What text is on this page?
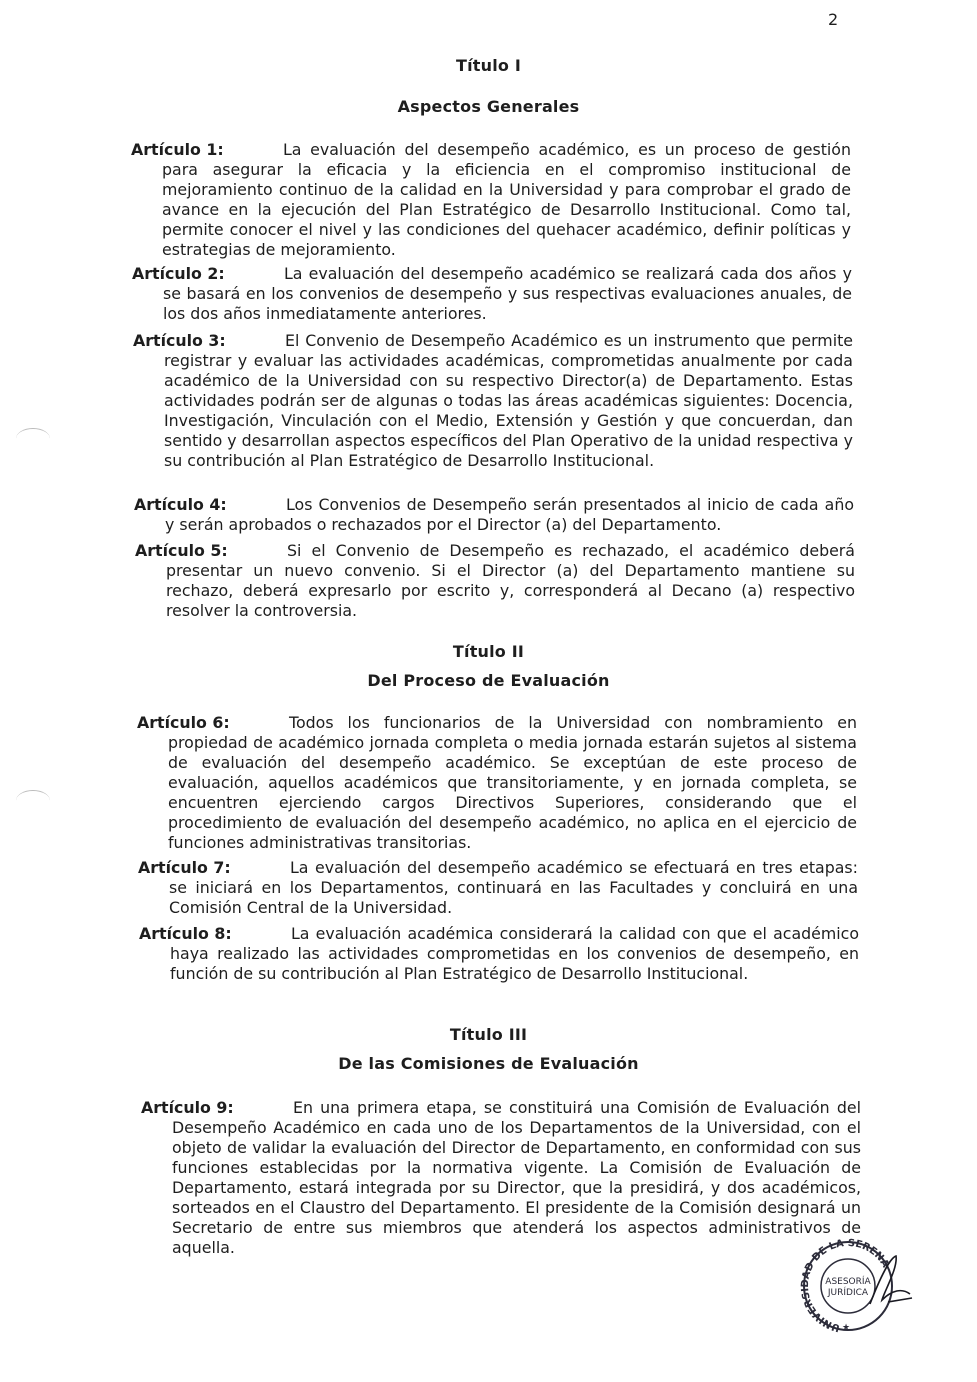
2
Título I
Aspectos Generales

Artículo 1:	La evaluación del desempeño académico, es un proceso de gestión para asegurar la eficacia y la eficiencia en el compromiso institucional de mejoramiento continuo de la calidad en la Universidad y para comprobar el grado de avance en la ejecución del Plan Estratégico de Desarrollo Institucional. Como tal, permite conocer el nivel y las condiciones del quehacer académico, definir políticas y estrategias de mejoramiento.

Artículo 2:	La evaluación del desempeño académico se realizará cada dos años y se basará en los convenios de desempeño y sus respectivas evaluaciones anuales, de los dos años inmediatamente anteriores.

Artículo 3:	El Convenio de Desempeño Académico es un instrumento que permite registrar y evaluar las actividades académicas, comprometidas anualmente por cada académico de la Universidad con su respectivo Director(a) de Departamento. Estas actividades podrán ser de algunas o todas las áreas académicas siguientes: Docencia, Investigación, Vinculación con el Medio, Extensión y Gestión y que concuerdan, dan sentido y desarrollan aspectos específicos del Plan Operativo de la unidad respectiva y su contribución al Plan Estratégico de Desarrollo Institucional.

Artículo 4:	Los Convenios de Desempeño serán presentados al inicio de cada año y serán aprobados o rechazados por el Director (a) del Departamento.

Artículo 5:	Si el Convenio de Desempeño es rechazado, el académico deberá presentar un nuevo convenio. Si el Director (a) del Departamento mantiene su rechazo, deberá expresarlo por escrito y, corresponderá al Decano (a) respectivo resolver la controversia.

Título II
Del Proceso de Evaluación

Artículo 6:	Todos los funcionarios de la Universidad con nombramiento en propiedad de académico jornada completa o media jornada estarán sujetos al sistema de evaluación del desempeño académico. Se exceptúan de este proceso de evaluación, aquellos académicos que transitoriamente, y en jornada completa, se encuentren ejerciendo cargos Directivos Superiores, considerando que el procedimiento de evaluación del desempeño académico, no aplica en el ejercicio de funciones administrativas transitorias.

Artículo 7:	La evaluación del desempeño académico se efectuará en tres etapas: se iniciará en los Departamentos, continuará en las Facultades y concluirá en una Comisión Central de la Universidad.

Artículo 8:	La evaluación académica considerará la calidad con que el académico haya realizado las actividades comprometidas en los convenios de desempeño, en función de su contribución al Plan Estratégico de Desarrollo Institucional.

Título III
De las Comisiones de Evaluación

Artículo 9:	En una primera etapa, se constituirá una Comisión de Evaluación del Desempeño Académico en cada uno de los Departamentos de la Universidad, con el objeto de validar la evaluación del Director de Departamento, en conformidad con sus funciones establecidas por la normativa vigente. La Comisión de Evaluación de Departamento, estará integrada por su Director, que la presidirá, y dos académicos, sorteados en el Claustro del Departamento. El presidente de la Comisión designará un Secretario de entre sus miembros que atenderá los aspectos administrativos de aquella.

UNIVERSIDAD DE LA SERENA
ASESORÍA
JURÍDICA
★
